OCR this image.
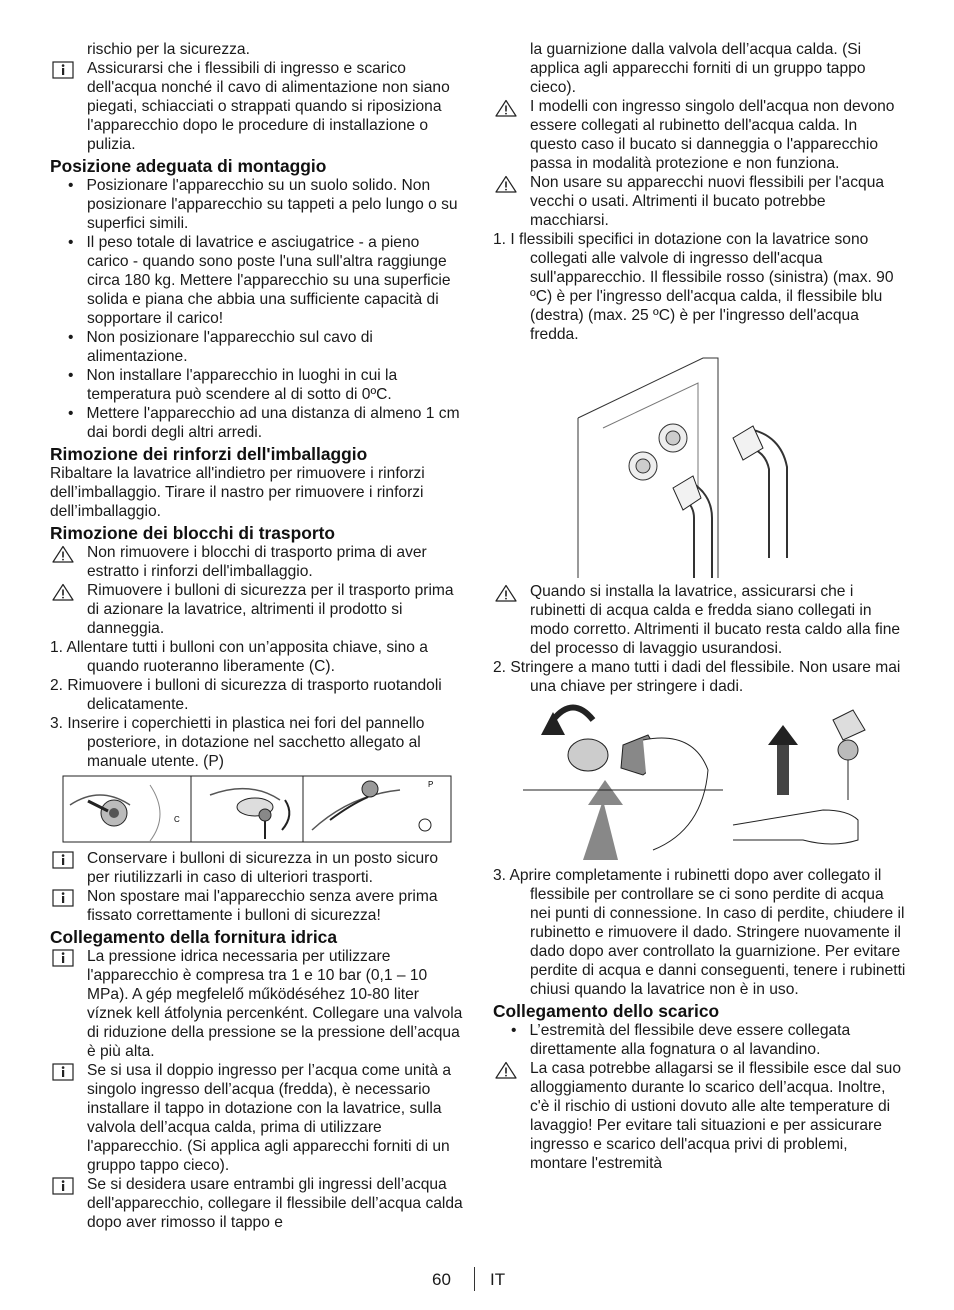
rischio per la sicurezza.

Assicurarsi che i flessibili di ingresso e scarico dell'acqua nonché il cavo di alimentazione non siano piegati, schiacciati o strappati quando si riposiziona l'apparecchio dopo le procedure di installazione o pulizia.
Posizione adeguata di montaggio

•   Posizionare l'apparecchio su un suolo solido. Non posizionare l'apparecchio su tappeti a pelo lungo o su superfici simili.

•   Il peso totale di lavatrice e asciugatrice - a pieno carico - quando sono poste l'una sull'altra raggiunge circa 180 kg. Mettere l'apparecchio su una superficie solida e piana che abbia una sufficiente capacità di sopportare il carico!

•   Non posizionare l'apparecchio sul cavo di alimentazione.

•   Non installare l'apparecchio in luoghi in cui la temperatura può scendere al di sotto di 0ºC.

•   Mettere l'apparecchio ad una distanza di almeno 1 cm dai bordi degli altri arredi.

Rimozione dei rinforzi dell'imballaggio

Ribaltare la lavatrice all'indietro per rimuovere i rinforzi dell’imballaggio. Tirare il nastro per rimuovere i rinforzi dell’imballaggio.

Rimozione dei blocchi di trasporto
Non rimuovere i blocchi di trasporto prima di aver estratto i rinforzi dell'imballaggio.
Rimuovere i bulloni di sicurezza per il trasporto prima di azionare la lavatrice, altrimenti il prodotto si danneggia.

1. Allentare tutti i bulloni con un’apposita chiave, sino a quando ruoteranno liberamente (C).

2. Rimuovere i bulloni di sicurezza di trasporto ruotandoli delicatamente.

3. Inserire i coperchietti in plastica nei fori del pannello posteriore, in dotazione nel sacchetto allegato al manuale utente. (P)

C
P
Conservare i bulloni di sicurezza in un posto sicuro per riutilizzarli in caso di ulteriori trasporti.
Non spostare mai l'apparecchio senza avere prima fissato correttamente i bulloni di sicurezza!
Collegamento della fornitura idrica
La pressione idrica necessaria per utilizzare l'apparecchio è compresa tra 1 e 10 bar (0,1 – 10 MPa). A gép megfelelő működéséhez 10-80 liter víznek kell átfolynia percenként. Collegare una valvola di riduzione della pressione se la pressione dell’acqua è più alta.
Se si usa il doppio ingresso per l’acqua come unità a singolo ingresso dell’acqua (fredda), è necessario installare il tappo in dotazione con la lavatrice, sulla valvola dell’acqua calda, prima di utilizzare l'apparecchio. (Si applica agli apparecchi forniti di un gruppo tappo cieco).
Se si desidera usare entrambi gli ingressi dell’acqua dell'apparecchio, collegare il flessibile dell’acqua calda dopo aver rimosso il tappo e

la guarnizione dalla valvola dell’acqua calda. (Si applica agli apparecchi forniti di un gruppo tappo cieco).

I modelli con ingresso singolo dell'acqua non devono essere collegati al rubinetto dell'acqua calda. In questo caso il bucato si danneggia o l'apparecchio passa in modalità protezione e non funziona.
Non usare su apparecchi nuovi flessibili per l'acqua vecchi o usati. Altrimenti il bucato potrebbe macchiarsi.

1. I flessibili specifici in dotazione con la lavatrice sono collegati alle valvole di ingresso dell'acqua sull'apparecchio. Il flessibile rosso (sinistra) (max. 90 ºC) è per l'ingresso dell'acqua calda, il flessibile blu (destra) (max. 25 ºC) è per l'ingresso dell'acqua fredda.

Quando si installa la lavatrice, assicurarsi che i rubinetti di acqua calda e fredda siano collegati in modo corretto. Altrimenti il bucato resta caldo alla fine del processo di lavaggio usurandosi.

2. Stringere a mano tutti i dadi del flessibile. Non usare mai una chiave per stringere i dadi.

3. Aprire completamente i rubinetti dopo aver collegato il flessibile per controllare se ci sono perdite di acqua nei punti di connessione. In caso di perdite, chiudere il rubinetto e rimuovere il dado. Stringere nuovamente il dado dopo aver controllato la guarnizione. Per evitare perdite di acqua e danni conseguenti, tenere i rubinetti chiusi quando la lavatrice non è in uso.

Collegamento dello scarico

•   L’estremità del flessibile deve essere collegata direttamente alla fognatura o al lavandino.

La casa potrebbe allagarsi se il flessibile esce dal suo alloggiamento durante lo scarico dell’acqua. Inoltre, c'è il rischio di ustioni dovuto alle alte temperature di lavaggio! Per evitare tali situazioni e per assicurare ingresso e scarico dell'acqua privi di problemi, montare l'estremità
60 IT
